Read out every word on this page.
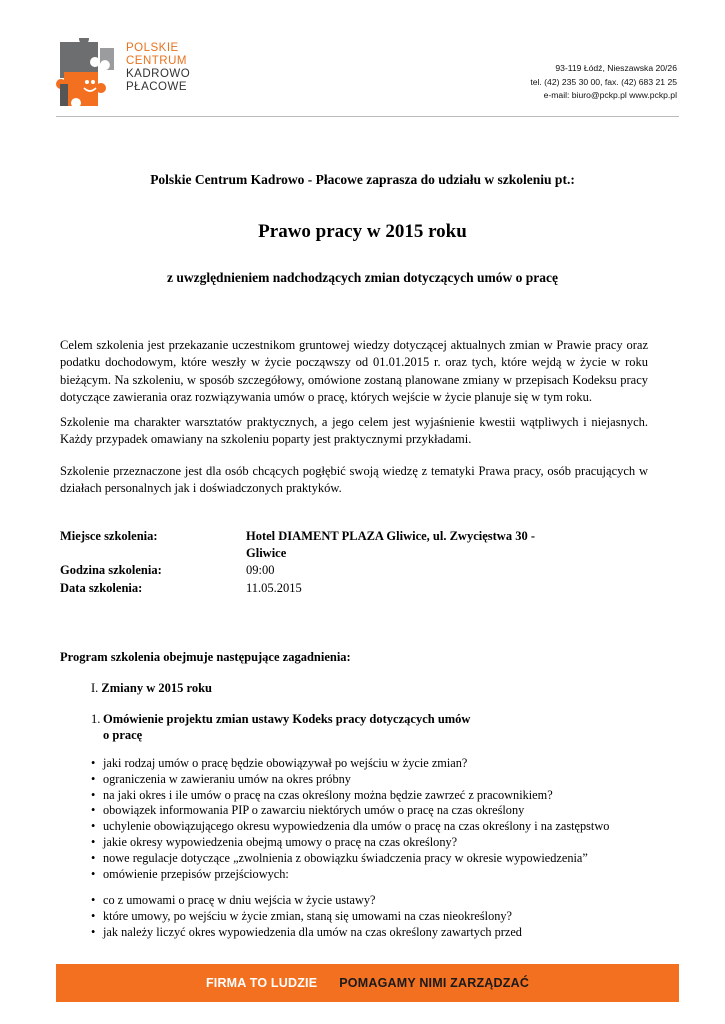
POLSKIE
CENTRUM
KADROWO
PŁACOWE
93-119 Łódź, Nieszawska 20/26
tel. (42) 235 30 00, fax. (42) 683 21 25
e-mail: biuro@pckp.pl www.pckp.pl
Polskie Centrum Kadrowo - Płacowe zaprasza do udziału w szkoleniu pt.:
Prawo pracy w 2015 roku
z uwzględnieniem nadchodzących zmian dotyczących umów o pracę
Celem szkolenia jest przekazanie uczestnikom gruntowej wiedzy dotyczącej aktualnych zmian w Prawie pracy oraz podatku dochodowym, które weszły w życie począwszy od 01.01.2015 r. oraz tych, które wejdą w życie w roku bieżącym. Na szkoleniu, w sposób szczegółowy, omówione zostaną planowane zmiany w przepisach Kodeksu pracy dotyczące zawierania oraz rozwiązywania umów o pracę, których wejście w życie planuje się w tym roku.
Szkolenie ma charakter warsztatów praktycznych, a jego celem jest wyjaśnienie kwestii wątpliwych i niejasnych. Każdy przypadek omawiany na szkoleniu poparty jest praktycznymi przykładami.
Szkolenie przeznaczone jest dla osób chcących pogłębić swoją wiedzę z tematyki Prawa pracy, osób pracujących w działach personalnych jak i doświadczonych praktyków.
Miejsce szkolenia:	Hotel DIAMENT PLAZA Gliwice, ul. Zwycięstwa 30 -
Gliwice
Godzina szkolenia:	09:00
Data szkolenia:	11.05.2015
Program szkolenia obejmuje następujące zagadnienia:
I. Zmiany w 2015 roku
1. Omówienie projektu zmian ustawy Kodeks pracy dotyczących umów
o pracę
• jaki rodzaj umów o pracę będzie obowiązywał po wejściu w życie zmian?
• ograniczenia w zawieraniu umów na okres próbny
• na jaki okres i ile umów o pracę na czas określony można będzie zawrzeć z pracownikiem?
• obowiązek informowania PIP o zawarciu niektórych umów o pracę na czas określony
• uchylenie obowiązującego okresu wypowiedzenia dla umów o pracę na czas określony i na zastępstwo
• jakie okresy wypowiedzenia obejmą umowy o pracę na czas określony?
• nowe regulacje dotyczące „zwolnienia z obowiązku świadczenia pracy w okresie wypowiedzenia”
• omówienie przepisów przejściowych:
• co z umowami o pracę w dniu wejścia w życie ustawy?
• które umowy, po wejściu w życie zmian, staną się umowami na czas nieokreślony?
• jak należy liczyć okres wypowiedzenia dla umów na czas określony zawartych przed
FIRMA TO LUDZIE POMAGAMY NIMI ZARZĄDZAĆ
